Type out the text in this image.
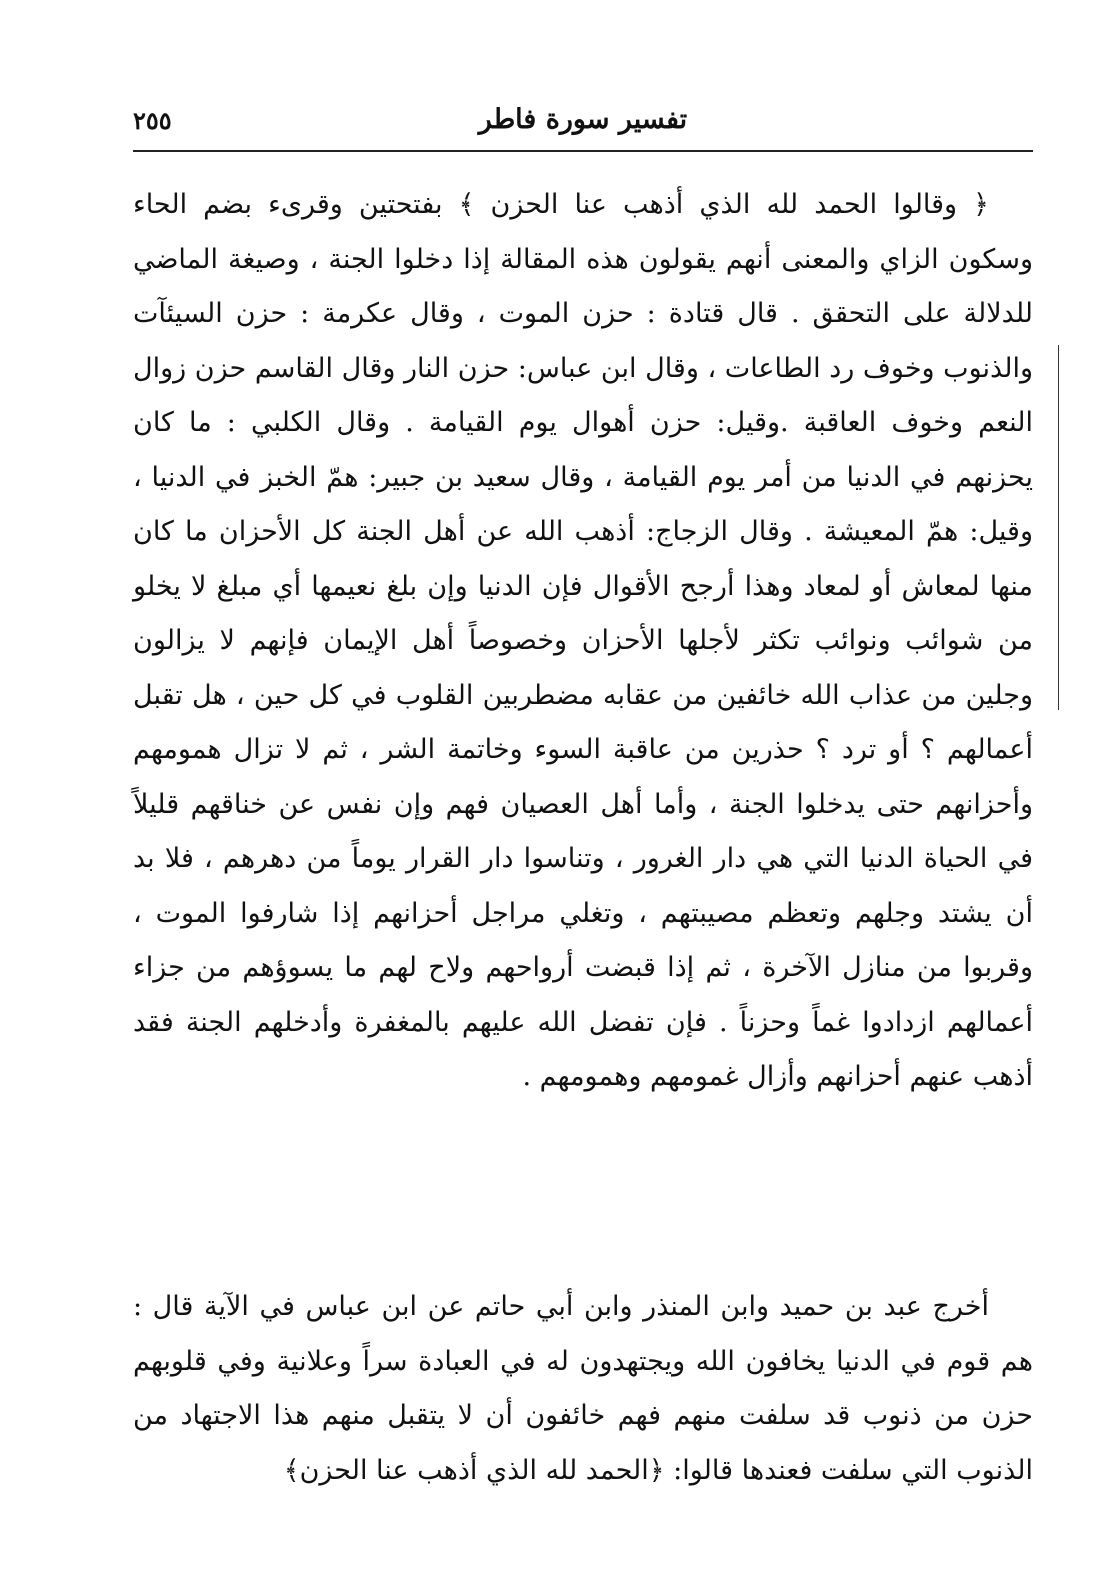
تفسير سورة فاطر
٢٥٥

﴿ وقالوا الحمد لله الذي أذهب عنا الحزن ﴾ بفتحتين وقرىء بضم الحاء وسكون الزاي والمعنى أنهم يقولون هذه المقالة إذا دخلوا الجنة ، وصيغة الماضي للدلالة على التحقق . قال قتادة : حزن الموت ، وقال عكرمة : حزن السيئآت والذنوب وخوف رد الطاعات ، وقال ابن عباس: حزن النار وقال القاسم حزن زوال النعم وخوف العاقبة .وقيل: حزن أهوال يوم القيامة . وقال الكلبي : ما كان يحزنهم في الدنيا من أمر يوم القيامة ، وقال سعيد بن جبير: همّ الخبز في الدنيا ، وقيل: همّ المعيشة . وقال الزجاج: أذهب الله عن أهل الجنة كل الأحزان ما كان منها لمعاش أو لمعاد وهذا أرجح الأقوال فإن الدنيا وإن بلغ نعيمها أي مبلغ لا يخلو من شوائب ونوائب تكثر لأجلها الأحزان وخصوصاً أهل الإيمان فإنهم لا يزالون وجلين من عذاب الله خائفين من عقابه مضطربين القلوب في كل حين ، هل تقبل أعمالهم ؟ أو ترد ؟ حذرين من عاقبة السوء وخاتمة الشر ، ثم لا تزال همومهم وأحزانهم حتى يدخلوا الجنة ، وأما أهل العصيان فهم وإن نفس عن خناقهم قليلاً في الحياة الدنيا التي هي دار الغرور ، وتناسوا دار القرار يوماً من دهرهم ، فلا بد أن يشتد وجلهم وتعظم مصيبتهم ، وتغلي مراجل أحزانهم إذا شارفوا الموت ، وقربوا من منازل الآخرة ، ثم إذا قبضت أرواحهم ولاح لهم ما يسوؤهم من جزاء أعمالهم ازدادوا غماً وحزناً . فإن تفضل الله عليهم بالمغفرة وأدخلهم الجنة فقد أذهب عنهم أحزانهم وأزال غمومهم وهمومهم .

أخرج عبد بن حميد وابن المنذر وابن أبي حاتم عن ابن عباس في الآية قال : هم قوم في الدنيا يخافون الله ويجتهدون له في العبادة سراً وعلانية وفي قلوبهم حزن من ذنوب قد سلفت منهم فهم خائفون أن لا يتقبل منهم هذا الاجتهاد من الذنوب التي سلفت فعندها قالوا: ﴿الحمد لله الذي أذهب عنا الحزن﴾
